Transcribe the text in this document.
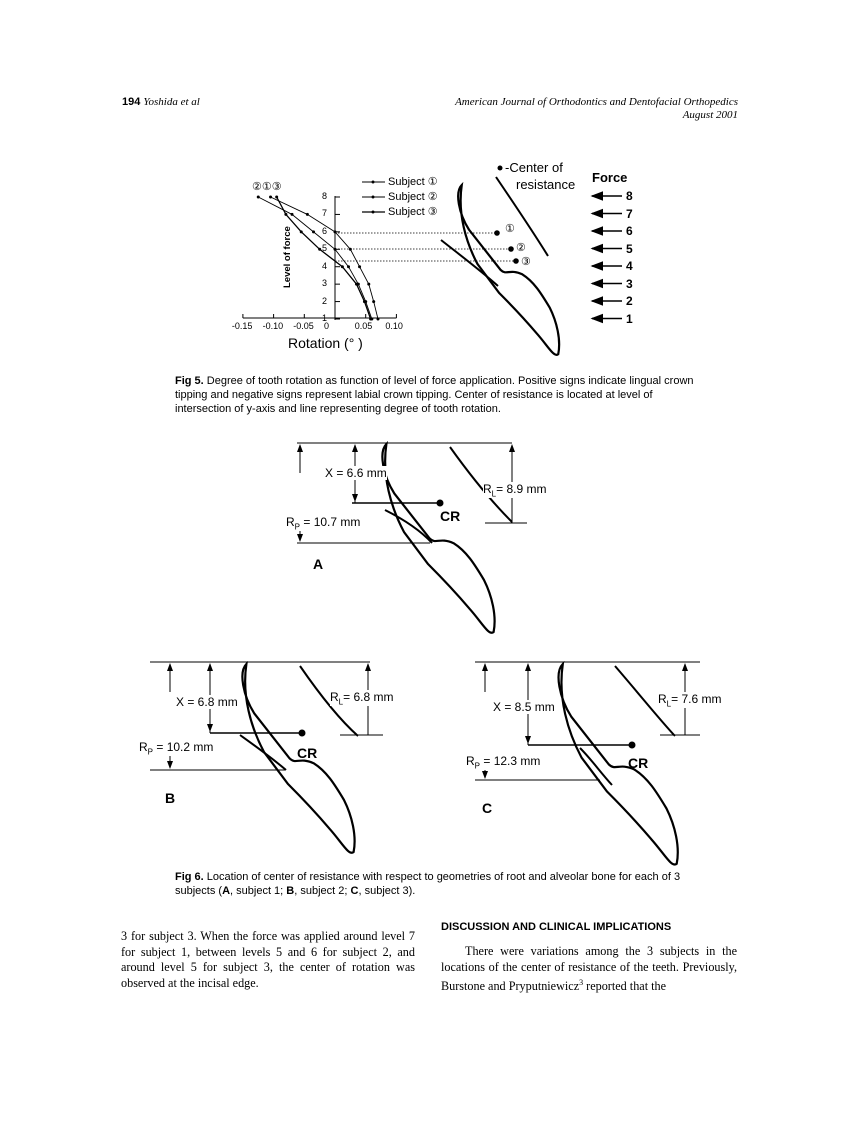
194 Yoshida et al	American Journal of Orthodontics and Dentofacial Orthopedics
August 2001
Rotation (° )
Level of force
-0.15 -0.10 -0.05 0	0.05 0.10
1
2
3
4
5
6
7
8
②①③	Subject ①
Subject ②
Subject ③
-Center of
resistance Force
8
7
6
5
4
3
2
1
①
②
③
Fig 5. Degree of tooth rotation as function of level of force application. Positive signs indicate lingual crown tipping and negative signs represent labial crown tipping. Center of resistance is located at level of intersection of y-axis and line representing degree of tooth rotation.
X = 6.6 mm
$R_L= 8.9$ mm
$R_P = 10.7$ mm	CR
A
X = 6.8 mm	$R_L= 6.8$ mm
$R_P = 10.2$ mm	CR
B
X = 8.5 mm
$R_L= 7.6$ mm
$R_P = 12.3$ mm	CR
C
Fig 6. Location of center of resistance with respect to geometries of root and alveolar bone for each of 3 subjects (A, subject 1; B, subject 2; C, subject 3).
3 for subject 3. When the force was applied around level 7 for subject 1, between levels 5 and 6 for subject 2, and around level 5 for subject 3, the center of rotation was observed at the incisal edge.
DISCUSSION AND CLINICAL IMPLICATIONS
There were variations among the 3 subjects in the locations of the center of resistance of the teeth. Previously, Burstone and Pryputniewicz$^3$ reported that the
